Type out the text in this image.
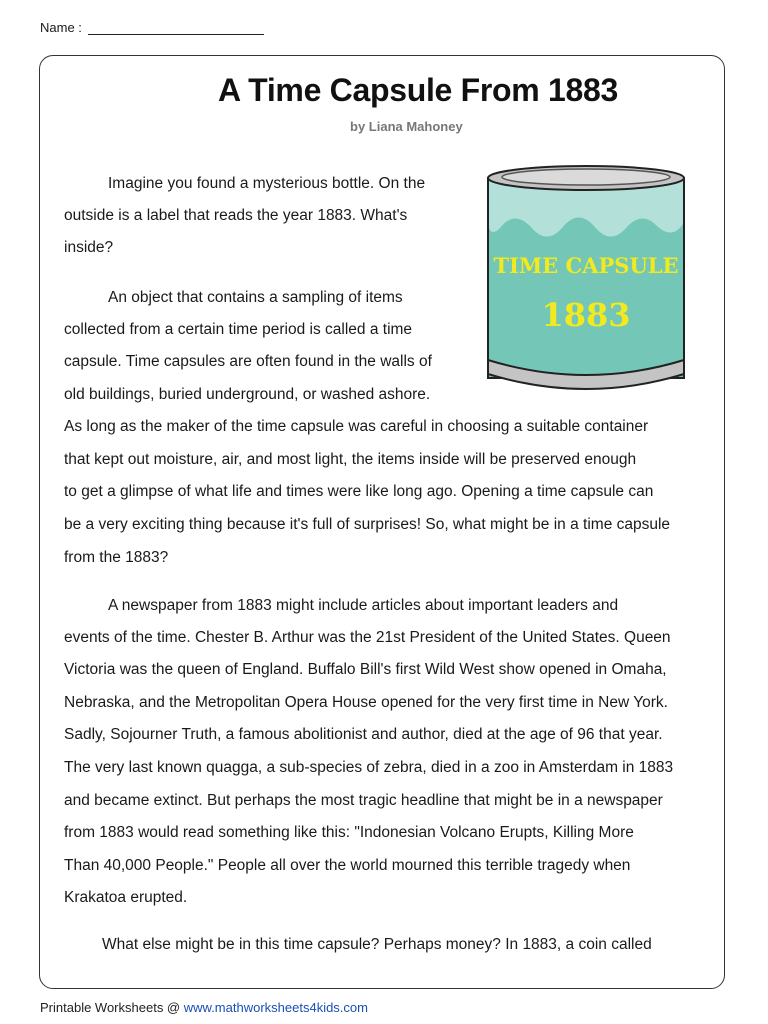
Name :
A Time Capsule From 1883
by Liana Mahoney
Imagine you found a mysterious bottle. On the
outside is a label that reads the year 1883. What's
inside?
An object that contains a sampling of items
collected from a certain time period is called a time
capsule. Time capsules are often found in the walls of
old buildings, buried underground, or washed ashore.
As long as the maker of the time capsule was careful in choosing a suitable container
that kept out moisture, air, and most light, the items inside will be preserved enough
to get a glimpse of what life and times were like long ago. Opening a time capsule can
be a very exciting thing because it's full of surprises! So, what might be in a time capsule
from the 1883?
A newspaper from 1883 might include articles about important leaders and
events of the time. Chester B. Arthur was the 21st President of the United States. Queen
Victoria was the queen of England. Buffalo Bill's first Wild West show opened in Omaha,
Nebraska, and the Metropolitan Opera House opened for the very first time in New York.
Sadly, Sojourner Truth, a famous abolitionist and author, died at the age of 96 that year.
The very last known quagga, a sub-species of zebra, died in a zoo in Amsterdam in 1883
and became extinct. But perhaps the most tragic headline that might be in a newspaper
from 1883 would read something like this: "Indonesian Volcano Erupts, Killing More
Than 40,000 People." People all over the world mourned this terrible tragedy when
Krakatoa erupted.
What else might be in this time capsule? Perhaps money? In 1883, a coin called
TIME CAPSULE
1883
Printable Worksheets @ www.mathworksheets4kids.com
